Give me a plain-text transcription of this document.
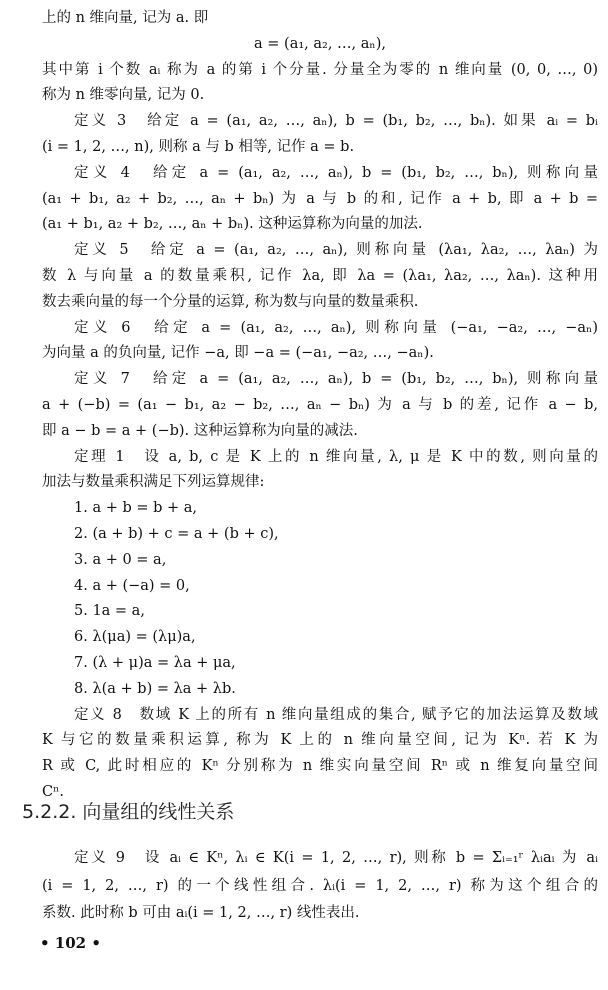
上的 n 维向量, 记为 a. 即
a = (a₁, a₂, …, aₙ),
其中第 i 个数 aᵢ 称为 a 的第 i 个分量. 分量全为零的 n 维向量 (0, 0, …, 0)
称为 n 维零向量, 记为 0.
定义 3　给定 a = (a₁, a₂, …, aₙ), b = (b₁, b₂, …, bₙ). 如果 aᵢ = bᵢ
(i = 1, 2, …, n), 则称 a 与 b 相等, 记作 a = b.
定义 4　给定 a = (a₁, a₂, …, aₙ), b = (b₁, b₂, …, bₙ), 则称向量
(a₁ + b₁, a₂ + b₂, …, aₙ + bₙ) 为 a 与 b 的和, 记作 a + b, 即 a + b =
(a₁ + b₁, a₂ + b₂, …, aₙ + bₙ). 这种运算称为向量的加法.
定义 5　给定 a = (a₁, a₂, …, aₙ), 则称向量 (λa₁, λa₂, …, λaₙ) 为
数 λ 与向量 a 的数量乘积, 记作 λa, 即 λa = (λa₁, λa₂, …, λaₙ). 这种用
数去乘向量的每一个分量的运算, 称为数与向量的数量乘积.
定义 6　给定 a = (a₁, a₂, …, aₙ), 则称向量 (−a₁, −a₂, …, −aₙ)
为向量 a 的负向量, 记作 −a, 即 −a = (−a₁, −a₂, …, −aₙ).
定义 7　给定 a = (a₁, a₂, …, aₙ), b = (b₁, b₂, …, bₙ), 则称向量
a + (−b) = (a₁ − b₁, a₂ − b₂, …, aₙ − bₙ) 为 a 与 b 的差, 记作 a − b,
即 a − b = a + (−b). 这种运算称为向量的减法.
定理 1　设 a, b, c 是 K 上的 n 维向量, λ, μ 是 K 中的数, 则向量的
加法与数量乘积满足下列运算规律:
1. a + b = b + a,
2. (a + b) + c = a + (b + c),
3. a + 0 = a,
4. a + (−a) = 0,
5. 1a = a,
6. λ(μa) = (λμ)a,
7. (λ + μ)a = λa + μa,
8. λ(a + b) = λa + λb.
定义 8　数域 K 上的所有 n 维向量组成的集合, 赋予它的加法运算及数域
K 与它的数量乘积运算, 称为 K 上的 n 维向量空间, 记为 Kⁿ. 若 K 为
R 或 C, 此时相应的 Kⁿ 分别称为 n 维实向量空间 Rⁿ 或 n 维复向量空间
Cⁿ.
5.2.2. 向量组的线性关系
定义 9　设 aᵢ ∈ Kⁿ, λᵢ ∈ K(i = 1, 2, …, r), 则称 b = Σᵢ₌₁ʳ λᵢaᵢ 为 aᵢ
(i = 1, 2, …, r) 的一个线性组合. λᵢ(i = 1, 2, …, r) 称为这个组合的
系数. 此时称 b 可由 aᵢ(i = 1, 2, …, r) 线性表出.
• 102 •
